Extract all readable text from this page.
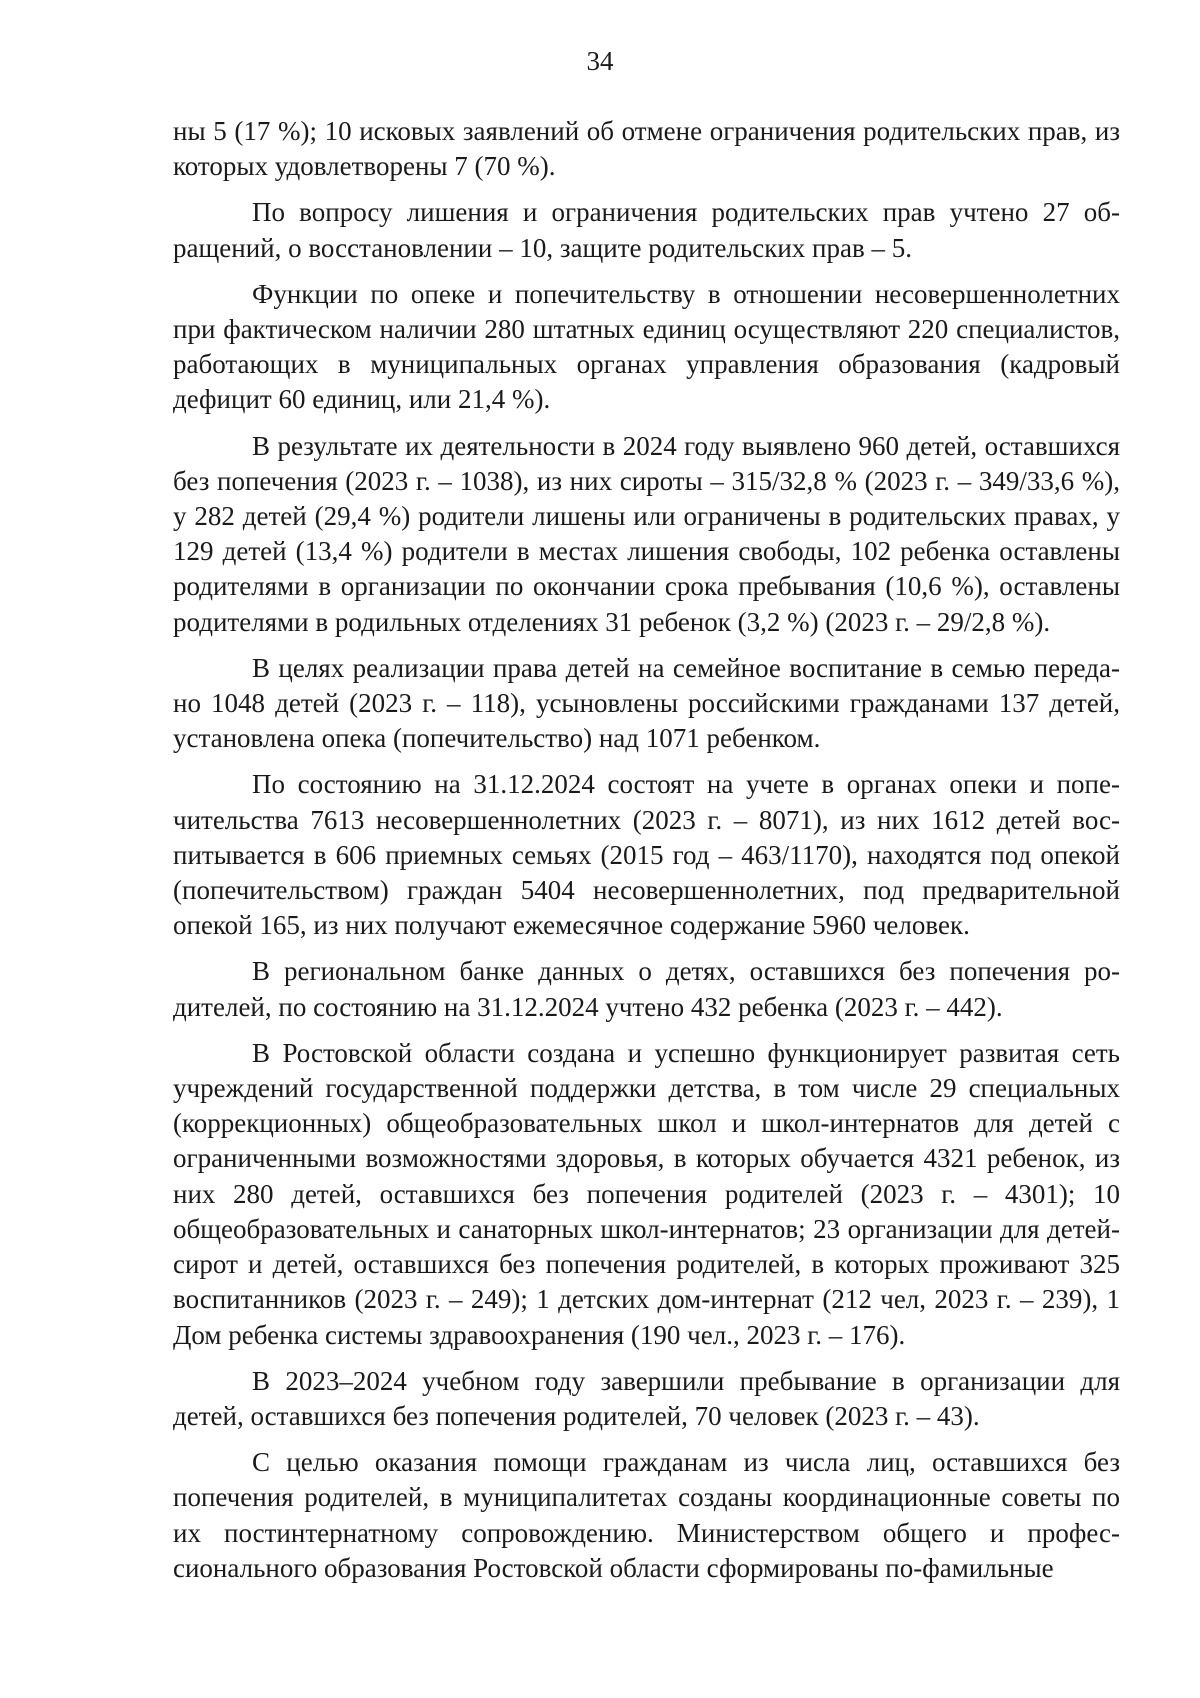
34

ны 5 (17 %); 10 исковых заявлений об отмене ограничения родительских прав, из которых удовлетворены 7 (70 %).

По вопросу лишения и ограничения родительских прав учтено 27 обращений, о восстановлении – 10, защите родительских прав – 5.

Функции по опеке и попечительству в отношении несовершеннолетних при фактическом наличии 280 штатных единиц осуществляют 220 специалистов, работающих в муниципальных органах управления образования (кадровый дефицит 60 единиц, или 21,4 %).

В результате их деятельности в 2024 году выявлено 960 детей, оставшихся без попечения (2023 г. – 1038), из них сироты – 315/32,8 % (2023 г. – 349/33,6 %), у 282 детей (29,4 %) родители лишены или ограничены в родительских правах, у 129 детей (13,4 %) родители в местах лишения свободы, 102 ребенка оставлены родителями в организации по окончании срока пребывания (10,6 %), оставлены родителями в родильных отделениях 31 ребенок (3,2 %) (2023 г. – 29/2,8 %).

В целях реализации права детей на семейное воспитание в семью передано 1048 детей (2023 г. – 118), усыновлены российскими гражданами 137 детей, установлена опека (попечительство) над 1071 ребенком.

По состоянию на 31.12.2024 состоят на учете в органах опеки и попечительства 7613 несовершеннолетних (2023 г. – 8071), из них 1612 детей воспитывается в 606 приемных семьях (2015 год – 463/1170), находятся под опекой (попечительством) граждан 5404 несовершеннолетних, под предварительной опекой 165, из них получают ежемесячное содержание 5960 человек.

В региональном банке данных о детях, оставшихся без попечения родителей, по состоянию на 31.12.2024 учтено 432 ребенка (2023 г. – 442).

В Ростовской области создана и успешно функционирует развитая сеть учреждений государственной поддержки детства, в том числе 29 специальных (коррекционных) общеобразовательных школ и школ-интернатов для детей с ограниченными возможностями здоровья, в которых обучается 4321 ребенок, из них 280 детей, оставшихся без попечения родителей (2023 г. – 4301); 10 общеобразовательных и санаторных школ-интернатов; 23 организации для детей-сирот и детей, оставшихся без попечения родителей, в которых проживают 325 воспитанников (2023 г. – 249); 1 детских дом-интернат (212 чел, 2023 г. – 239), 1 Дом ребенка системы здравоохранения (190 чел., 2023 г. – 176).

В 2023–2024 учебном году завершили пребывание в организации для детей, оставшихся без попечения родителей, 70 человек (2023 г. – 43).

С целью оказания помощи гражданам из числа лиц, оставшихся без попечения родителей, в муниципалитетах созданы координационные советы по их постинтернатному сопровождению. Министерством общего и профессионального образования Ростовской области сформированы по-фамильные
